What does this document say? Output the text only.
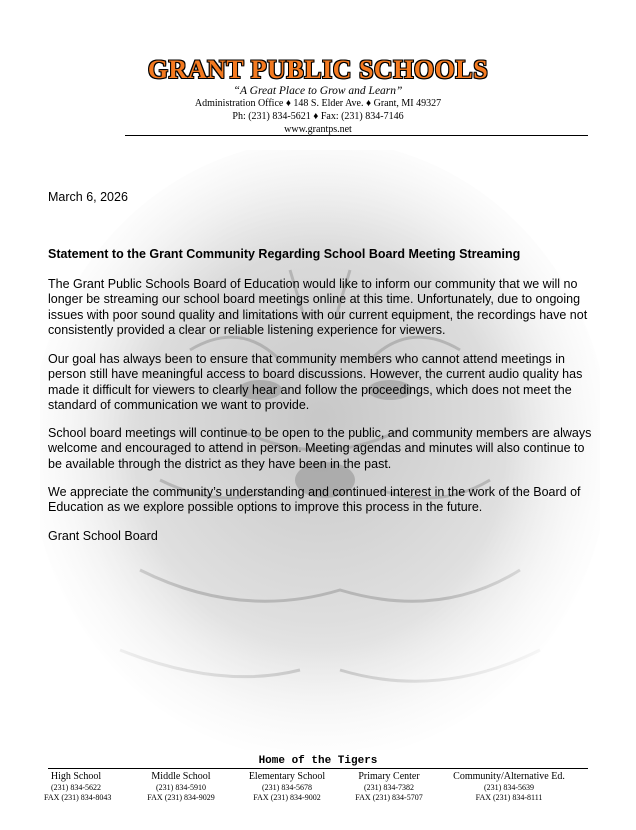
GRANT PUBLIC SCHOOLS
“A Great Place to Grow and Learn”
Administration Office ♦ 148 S. Elder Ave. ♦ Grant, MI 49327
Ph: (231) 834-5621 ♦ Fax: (231) 834-7146
www.grantps.net
March 6, 2026
Statement to the Grant Community Regarding School Board Meeting Streaming

The Grant Public Schools Board of Education would like to inform our community that we will no longer be streaming our school board meetings online at this time. Unfortunately, due to ongoing issues with poor sound quality and limitations with our current equipment, the recordings have not consistently provided a clear or reliable listening experience for viewers.

Our goal has always been to ensure that community members who cannot attend meetings in person still have meaningful access to board discussions. However, the current audio quality has made it difficult for viewers to clearly hear and follow the proceedings, which does not meet the standard of communication we want to provide.

School board meetings will continue to be open to the public, and community members are always welcome and encouraged to attend in person. Meeting agendas and minutes will also continue to be available through the district as they have been in the past.

We appreciate the community’s understanding and continued interest in the work of the Board of Education as we explore possible options to improve this process in the future.

Grant School Board
Home of the Tigers
High School
(231) 834-5622
FAX (231) 834-8043
Middle School
(231) 834-5910
FAX (231) 834-9029
Elementary School
(231) 834-5678
FAX (231) 834-9002
Primary Center
(231) 834-7382
FAX (231) 834-5707
Community/Alternative Ed.
(231) 834-5639
FAX (231) 834-8111
